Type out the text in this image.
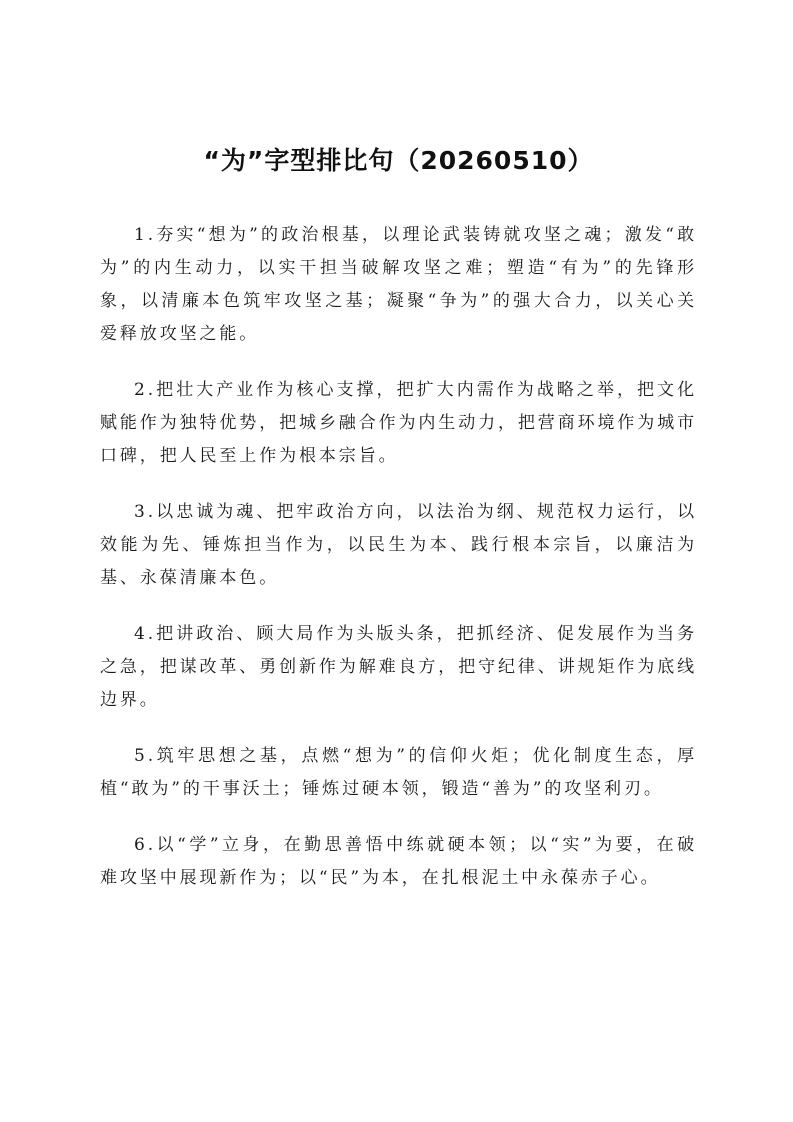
“为”字型排比句（20260510）

1.夯实“想为”的政治根基，以理论武装铸就攻坚之魂；激发“敢为”的内生动力，以实干担当破解攻坚之难；塑造“有为”的先锋形象，以清廉本色筑牢攻坚之基；凝聚“争为”的强大合力，以关心关爱释放攻坚之能。

2.把壮大产业作为核心支撑，把扩大内需作为战略之举，把文化赋能作为独特优势，把城乡融合作为内生动力，把营商环境作为城市口碑，把人民至上作为根本宗旨。

3.以忠诚为魂、把牢政治方向，以法治为纲、规范权力运行，以效能为先、锤炼担当作为，以民生为本、践行根本宗旨，以廉洁为基、永葆清廉本色。

4.把讲政治、顾大局作为头版头条，把抓经济、促发展作为当务之急，把谋改革、勇创新作为解难良方，把守纪律、讲规矩作为底线边界。

5.筑牢思想之基，点燃“想为”的信仰火炬；优化制度生态，厚植“敢为”的干事沃土；锤炼过硬本领，锻造“善为”的攻坚利刃。

6.以“学”立身，在勤思善悟中练就硬本领；以“实”为要，在破难攻坚中展现新作为；以“民”为本，在扎根泥土中永葆赤子心。
